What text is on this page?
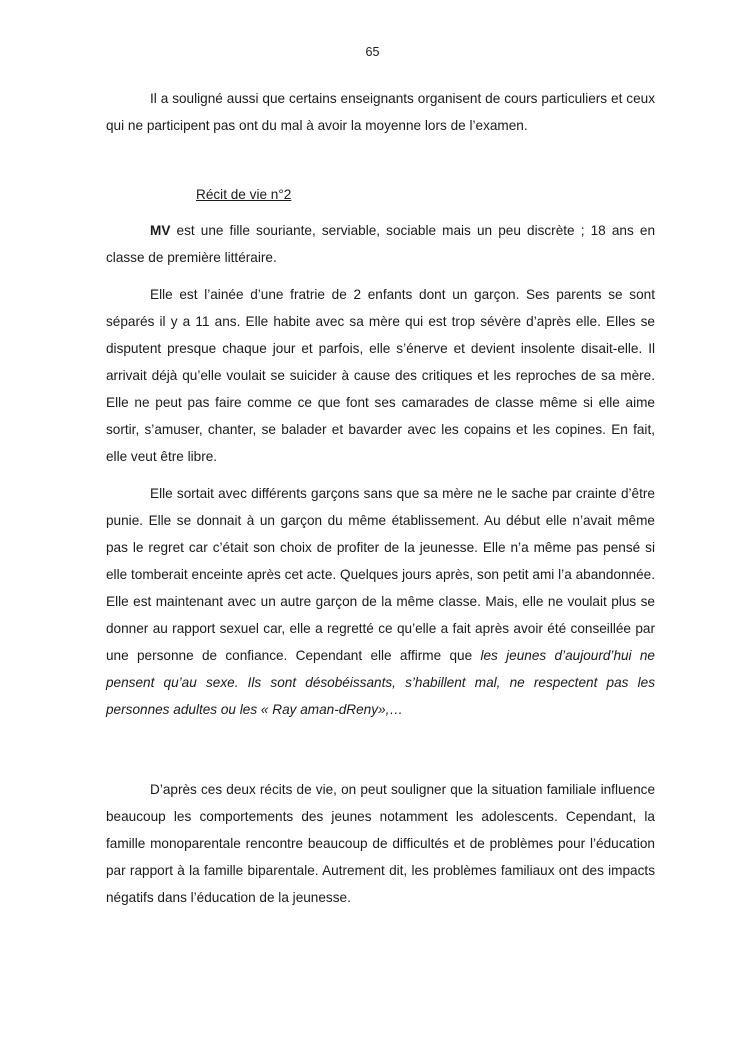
65

Il a souligné aussi que certains enseignants organisent de cours particuliers et ceux qui ne participent pas ont du mal à avoir la moyenne lors de l’examen.

Récit de vie n°2

MV est une fille souriante, serviable, sociable mais un peu discrète ; 18 ans en classe de première littéraire.

Elle est l’ainée d’une fratrie de 2 enfants dont un garçon. Ses parents se sont séparés il y a 11 ans. Elle habite avec sa mère qui est trop sévère d’après elle. Elles se disputent presque chaque jour et parfois, elle s’énerve et devient insolente disait-elle. Il arrivait déjà qu’elle voulait se suicider à cause des critiques et les reproches de sa mère. Elle ne peut pas faire comme ce que font ses camarades de classe même si elle aime sortir, s’amuser, chanter, se balader et bavarder avec les copains et les copines. En fait, elle veut être libre.

Elle sortait avec différents garçons sans que sa mère ne le sache par crainte d’être punie. Elle se donnait à un garçon du même établissement. Au début elle n’avait même pas le regret car c’était son choix de profiter de la jeunesse. Elle n’a même pas pensé si elle tomberait enceinte après cet acte. Quelques jours après, son petit ami l’a abandonnée. Elle est maintenant avec un autre garçon de la même classe. Mais, elle ne voulait plus se donner au rapport sexuel car, elle a regretté ce qu’elle a fait après avoir été conseillée par une personne de confiance. Cependant elle affirme que les jeunes d’aujourd’hui ne pensent qu’au sexe. Ils sont désobéissants, s’habillent mal, ne respectent pas les personnes adultes ou les « Ray aman-dReny»,…

D’après ces deux récits de vie, on peut souligner que la situation familiale influence beaucoup les comportements des jeunes notamment les adolescents. Cependant, la famille monoparentale rencontre beaucoup de difficultés et de problèmes pour l’éducation par rapport à la famille biparentale. Autrement dit, les problèmes familiaux ont des impacts négatifs dans l’éducation de la jeunesse.
